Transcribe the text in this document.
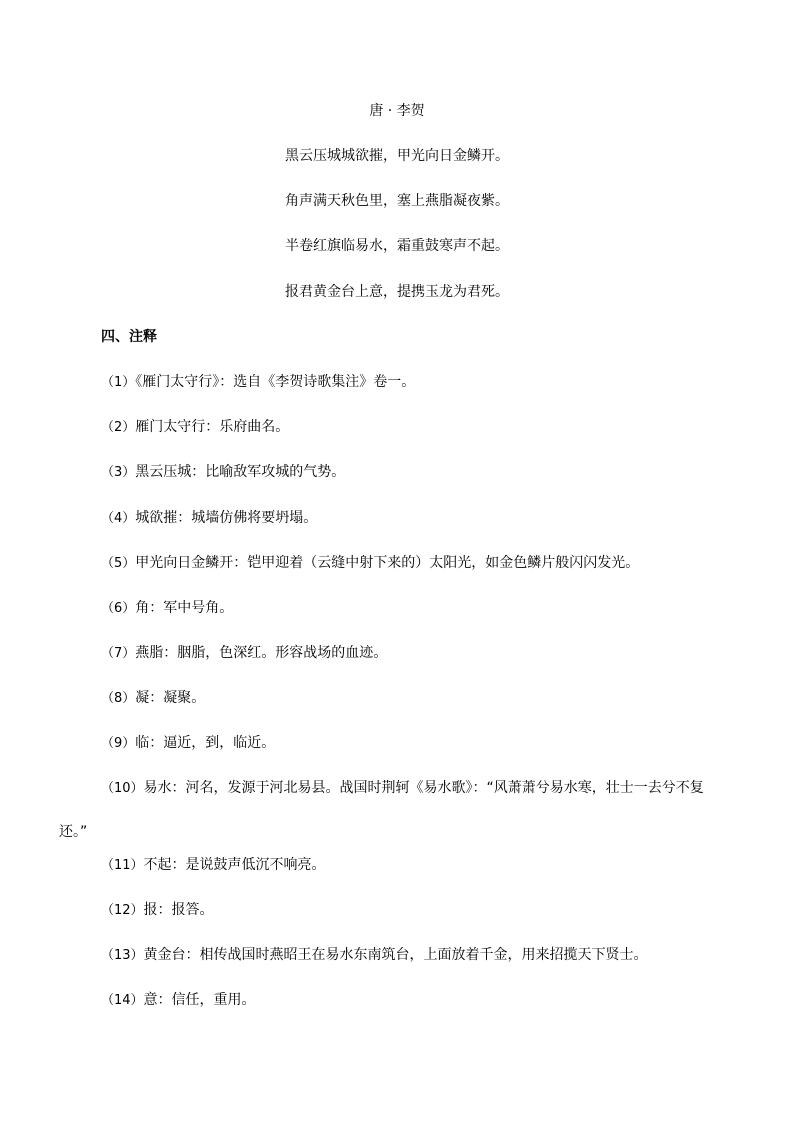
唐 · 李贺
黑云压城城欲摧，甲光向日金鳞开。
角声满天秋色里，塞上燕脂凝夜紫。
半卷红旗临易水，霜重鼓寒声不起。
报君黄金台上意，提携玉龙为君死。
四、注释
（1）《雁门太守行》：选自《李贺诗歌集注》卷一。
（2）雁门太守行：乐府曲名。
（3）黑云压城：比喻敌军攻城的气势。
（4）城欲摧：城墙仿佛将要坍塌。
（5）甲光向日金鳞开：铠甲迎着（云缝中射下来的）太阳光，如金色鳞片般闪闪发光。
（6）角：军中号角。
（7）燕脂：胭脂，色深红。形容战场的血迹。
（8）凝：凝聚。
（9）临：逼近，到，临近。
（10）易水：河名，发源于河北易县。战国时荆轲《易水歌》：“风萧萧兮易水寒，壮士一去兮不复
还。”
（11）不起：是说鼓声低沉不响亮。
（12）报：报答。
（13）黄金台：相传战国时燕昭王在易水东南筑台，上面放着千金，用来招揽天下贤士。
（14）意：信任，重用。
